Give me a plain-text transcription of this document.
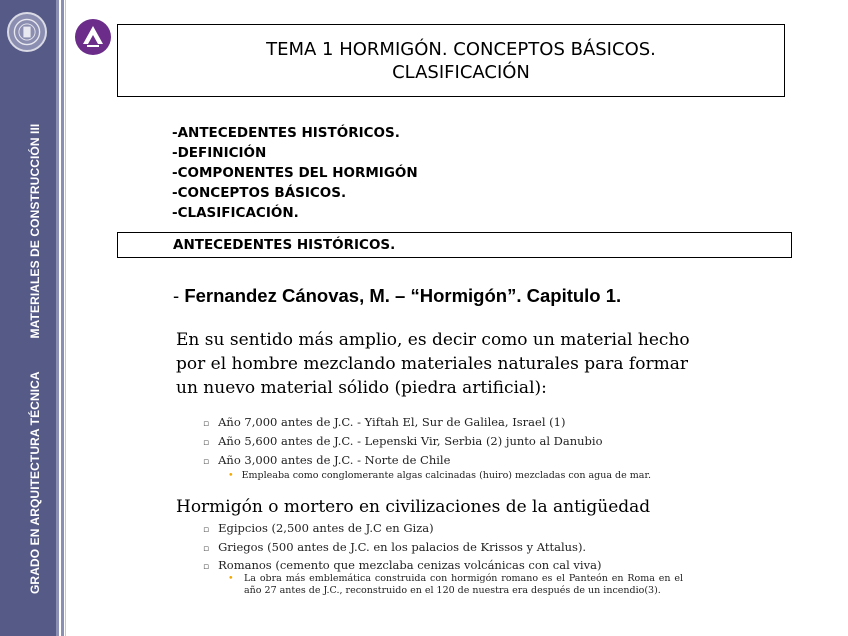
GRADO EN ARQUITECTURA TÉCNICA  MATERIALES DE CONSTRUCCIÓN III
TEMA 1 HORMIGÓN. CONCEPTOS BÁSICOS.
CLASIFICACIÓN
-ANTECEDENTES HISTÓRICOS.
-DEFINICIÓN
-COMPONENTES DEL HORMIGÓN
-CONCEPTOS BÁSICOS.
-CLASIFICACIÓN.
ANTECEDENTES HISTÓRICOS.
- Fernandez Cánovas, M. – “Hormigón”. Capitulo 1.
En su sentido más amplio, es decir como un material hecho por el hombre mezclando materiales naturales para formar un nuevo material sólido (piedra artificial):
▫ Año 7,000 antes de J.C. - Yiftah El, Sur de Galilea, Israel (1)
▫ Año 5,600 antes de J.C. - Lepenski Vir, Serbia (2) junto al Danubio
▫ Año 3,000 antes de J.C. - Norte de Chile
• Empleaba como conglomerante algas calcinadas (huiro) mezcladas con agua de mar.
Hormigón o mortero en civilizaciones de la antigüedad
▫ Egipcios (2,500 antes de J.C en Giza)
▫ Griegos (500 antes de J.C. en los palacios de Krissos y Attalus).
▫ Romanos (cemento que mezclaba cenizas volcánicas con cal viva)
•	La obra más emblemática construida con hormigón romano es el Panteón en Roma en el año 27 antes de J.C., reconstruido en el 120 de nuestra era después de un incendio(3).
